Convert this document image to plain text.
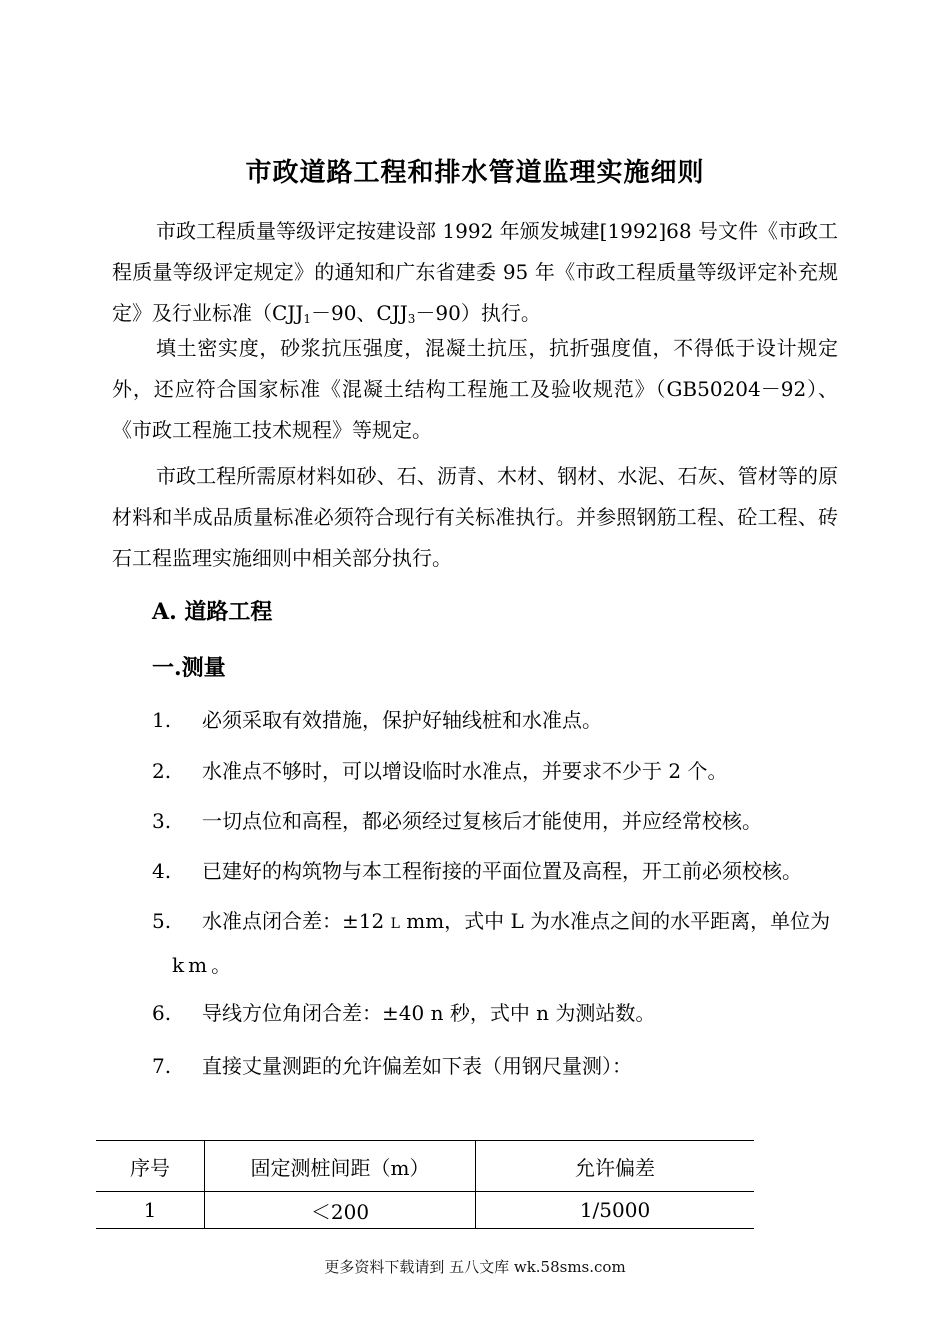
市政道路工程和排水管道监理实施细则
市政工程质量等级评定按建设部 1992 年颁发城建[1992]68 号文件《市政工程质量等级评定规定》的通知和广东省建委 95 年《市政工程质量等级评定补充规定》及行业标准（$CJJ_1-90$、$CJJ_3-90$）执行。
填土密实度，砂浆抗压强度，混凝土抗压，抗折强度值，不得低于设计规定外，还应符合国家标准《混凝土结构工程施工及验收规范》（GB50204－92）、《市政工程施工技术规程》等规定。
市政工程所需原材料如砂、石、沥青、木材、钢材、水泥、石灰、管材等的原材料和半成品质量标准必须符合现行有关标准执行。并参照钢筋工程、砼工程、砖石工程监理实施细则中相关部分执行。
A. 道路工程
一.测量
1. 必须采取有效措施，保护好轴线桩和水准点。
2. 水准点不够时，可以增设临时水准点，并要求不少于 2 个。
3. 一切点位和高程，都必须经过复核后才能使用，并应经常校核。
4. 已建好的构筑物与本工程衔接的平面位置及高程，开工前必须校核。
5. 水准点闭合差：±12 L mm，式中 L 为水准点之间的水平距离，单位为
km。
6. 导线方位角闭合差：±40 n 秒，式中 n 为测站数。
7. 直接丈量测距的允许偏差如下表（用钢尺量测）：
序号	固定测桩间距（m）	允许偏差
1	＜200	1/5000
更多资料下载请到 五八文库 wk.58sms.com
